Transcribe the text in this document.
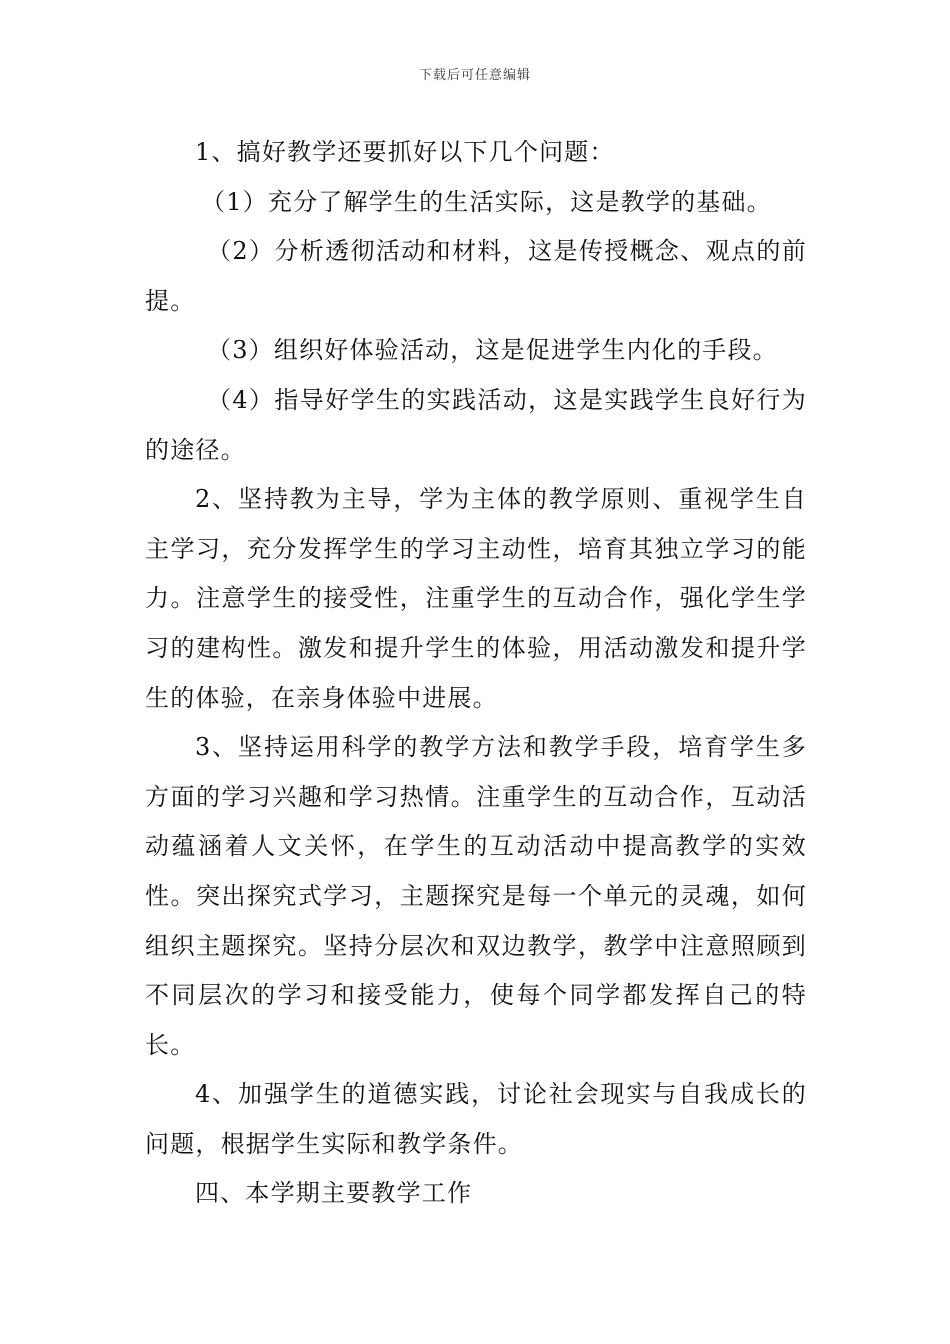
下载后可任意编辑

1、搞好教学还要抓好以下几个问题：

（1）充分了解学生的生活实际，这是教学的基础。

（2）分析透彻活动和材料，这是传授概念、观点的前提。

（3）组织好体验活动，这是促进学生内化的手段。

（4）指导好学生的实践活动，这是实践学生良好行为的途径。

2、坚持教为主导，学为主体的教学原则、重视学生自主学习，充分发挥学生的学习主动性，培育其独立学习的能力。注意学生的接受性，注重学生的互动合作，强化学生学习的建构性。激发和提升学生的体验，用活动激发和提升学生的体验，在亲身体验中进展。

3、坚持运用科学的教学方法和教学手段，培育学生多方面的学习兴趣和学习热情。注重学生的互动合作，互动活动蕴涵着人文关怀，在学生的互动活动中提高教学的实效性。突出探究式学习，主题探究是每一个单元的灵魂，如何组织主题探究。坚持分层次和双边教学，教学中注意照顾到不同层次的学习和接受能力，使每个同学都发挥自己的特长。

4、加强学生的道德实践，讨论社会现实与自我成长的问题，根据学生实际和教学条件。

四、本学期主要教学工作
